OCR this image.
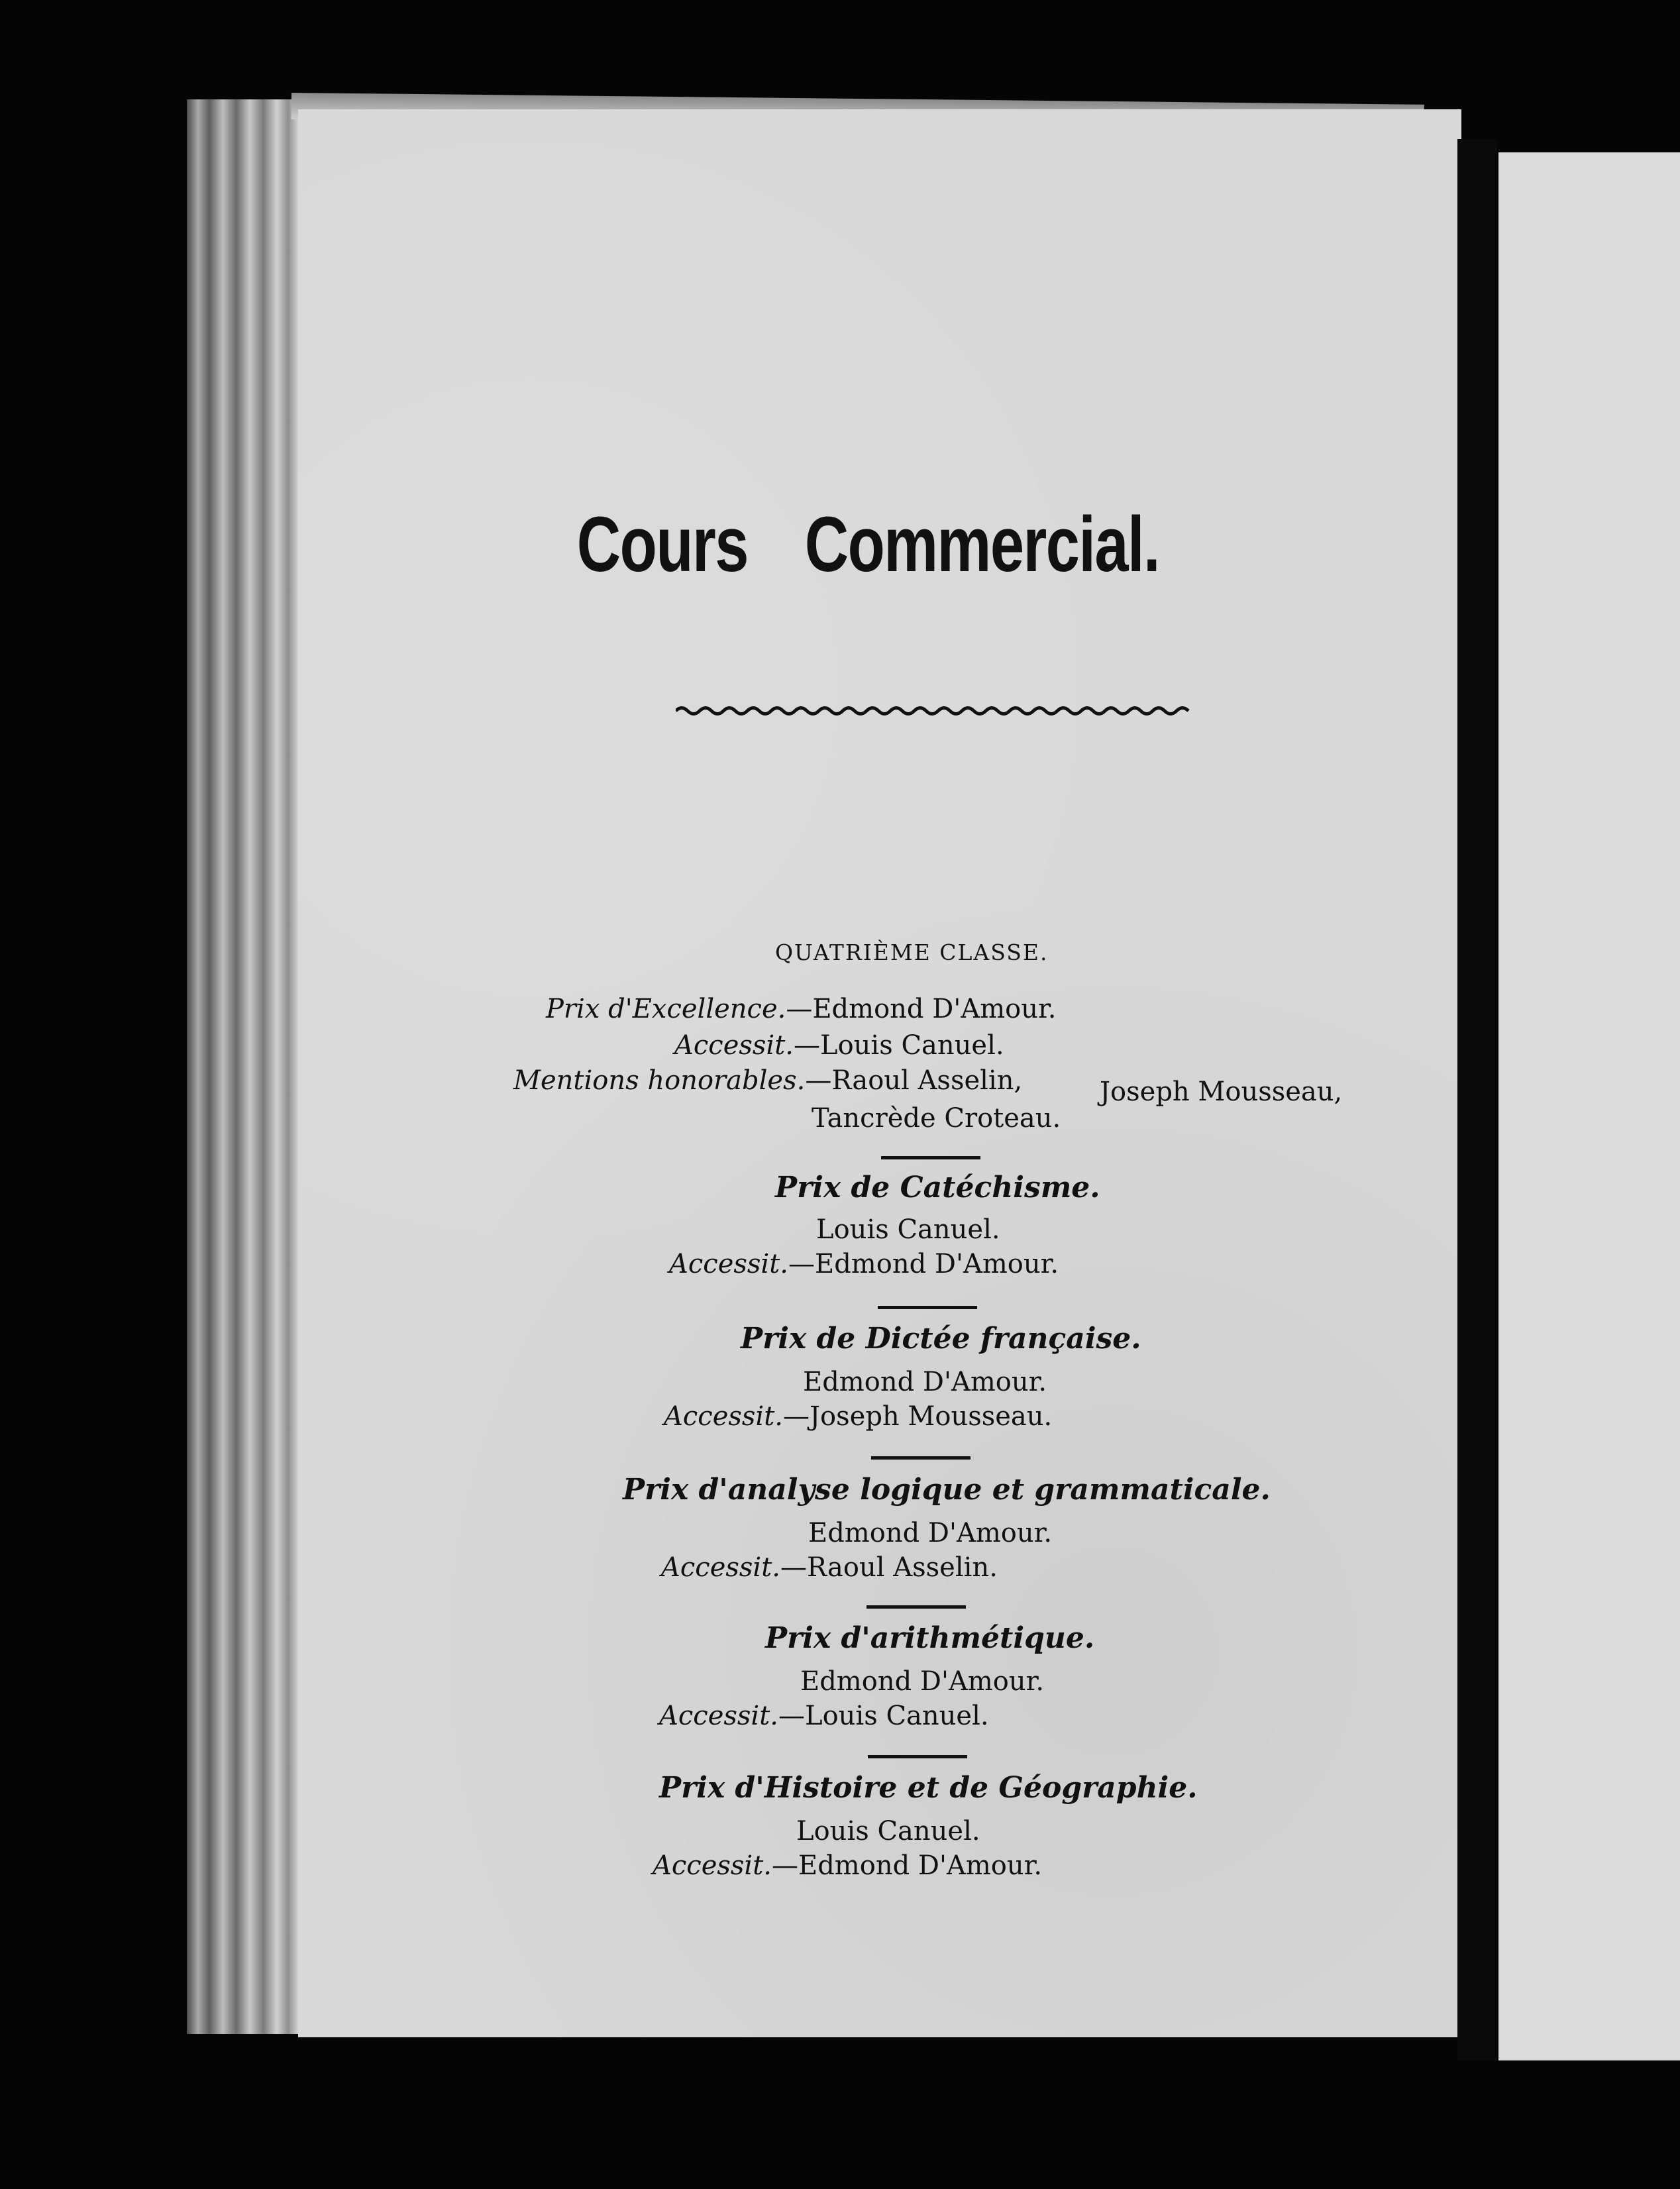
Cours Commercial.
QUATRIÈME CLASSE.
Prix d'Excellence.—Edmond D'Amour.
Accessit.—Louis Canuel.
Mentions honorables.—Raoul Asselin,	Joseph Mousseau,
Tancrède Croteau.
Prix de Catéchisme.
Louis Canuel.
Accessit.—Edmond D'Amour.
Prix de Dictée française.
Edmond D'Amour.
Accessit.—Joseph Mousseau.
Prix d'analyse logique et grammaticale.
Edmond D'Amour.
Accessit.—Raoul Asselin.
Prix d'arithmétique.
Edmond D'Amour.
Accessit.—Louis Canuel.
Prix d'Histoire et de Géographie.
Louis Canuel.
Accessit.—Edmond D'Amour.
